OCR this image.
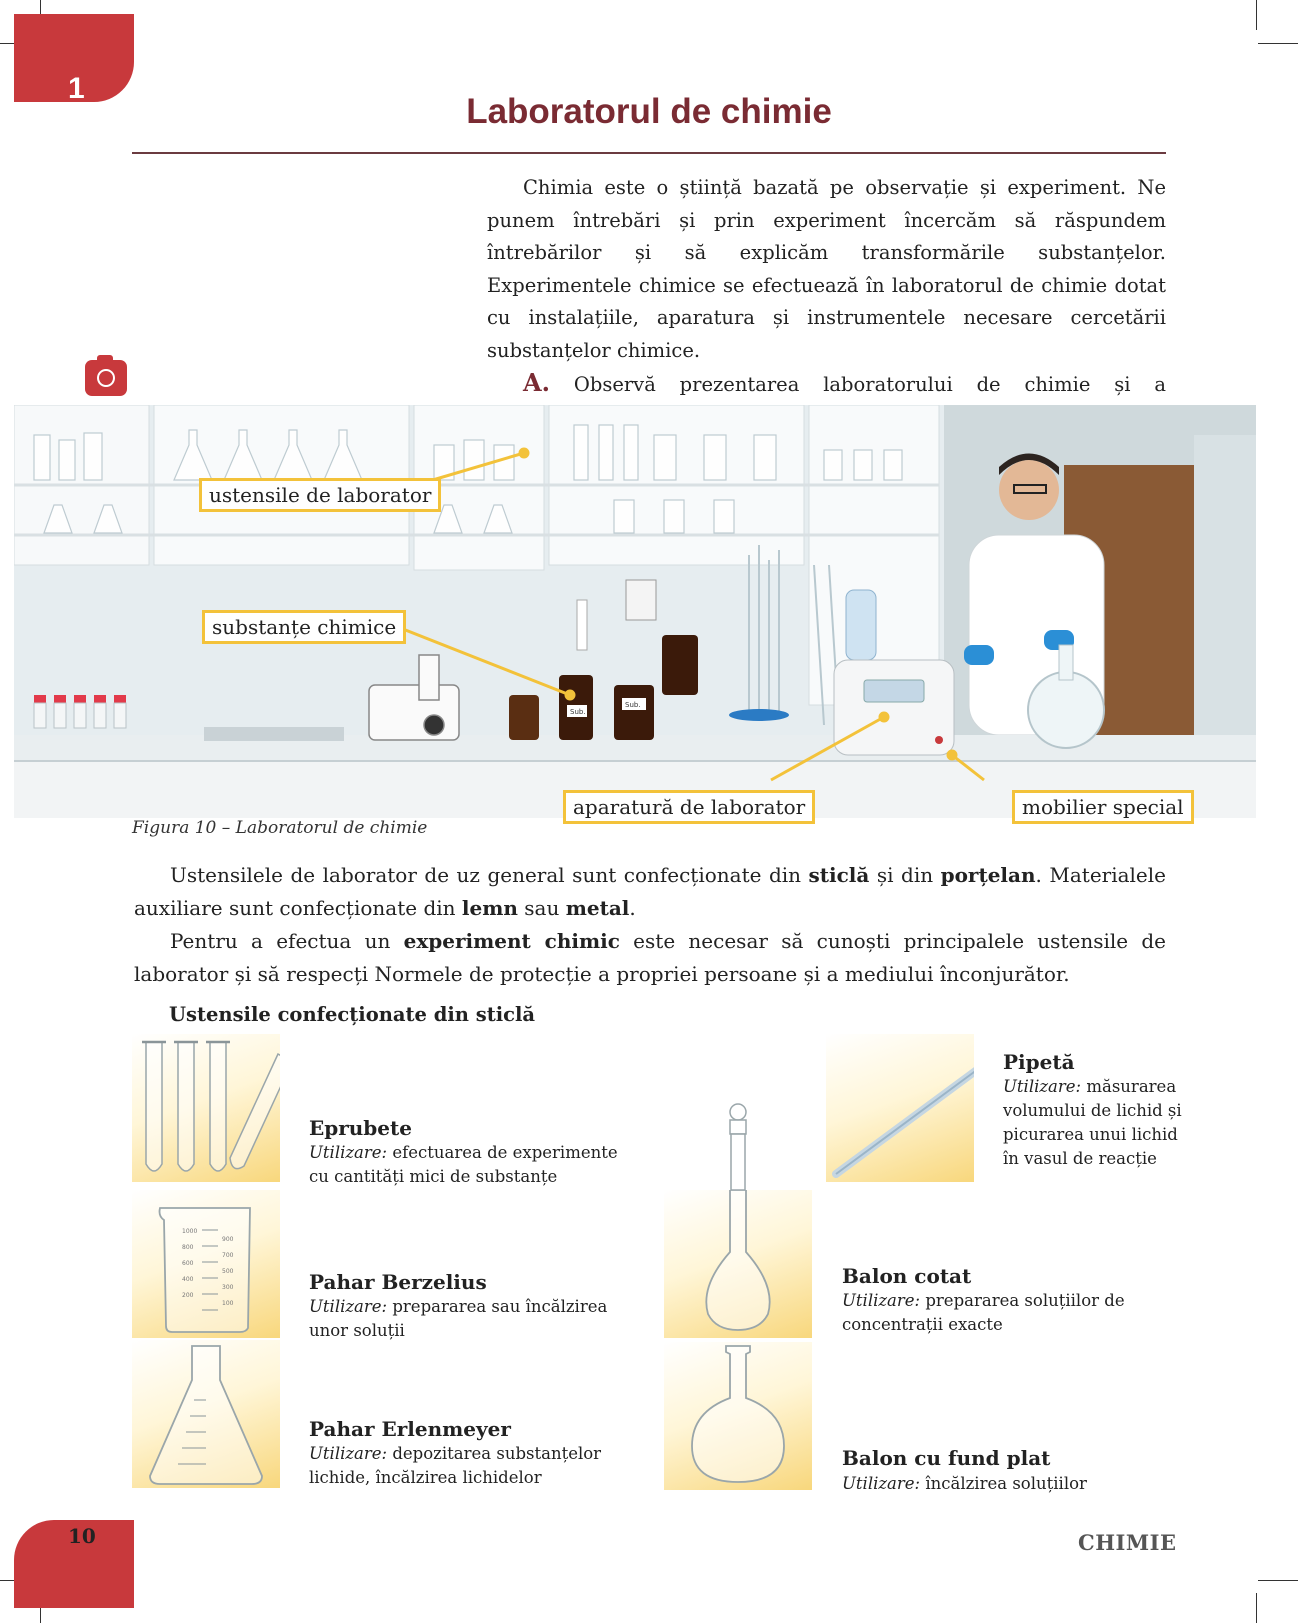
1
Laboratorul de chimie

Chimia este o știință bazată pe observație și experiment. Ne punem întrebări și prin experiment încercăm să răspundem întrebărilor și să explicăm transformările substanțelor. Experimentele chimice se efectuează în laboratorul de chimie dotat cu instalațiile, aparatura și instrumentele necesare cercetării substanțelor chimice.

A. Observă prezentarea laboratorului de chimie și a

Sub.
Sub.
ustensile de laborator
substanțe chimice
aparatură de laborator	mobilier special
Figura 10 – Laboratorul de chimie

Ustensilele de laborator de uz general sunt confecționate din sticlă și din porțelan. Materialele auxiliare sunt confecționate din lemn sau metal.

Pentru a efectua un experiment chimic este necesar să cunoști principalele ustensile de laborator și să respecți Normele de protecție a propriei persoane și a mediului înconjurător.

Ustensile confecționate din sticlă
Eprubete
Utilizare: efectuarea de experimente cu cantități mici de substanțe
1000
800
600
400
200
900
700
500
300
100
Pahar Berzelius
Utilizare: prepararea sau încălzirea unor soluții
Pahar Erlenmeyer
Utilizare: depozitarea substanțelor lichide, încălzirea lichidelor
Pipetă
Utilizare: măsurarea volumului de lichid și picurarea unui lichid în vasul de reacție
Balon cotat
Utilizare: prepararea soluțiilor de concentrații exacte
Balon cu fund plat
Utilizare: încălzirea soluțiilor
10	CHIMIE
